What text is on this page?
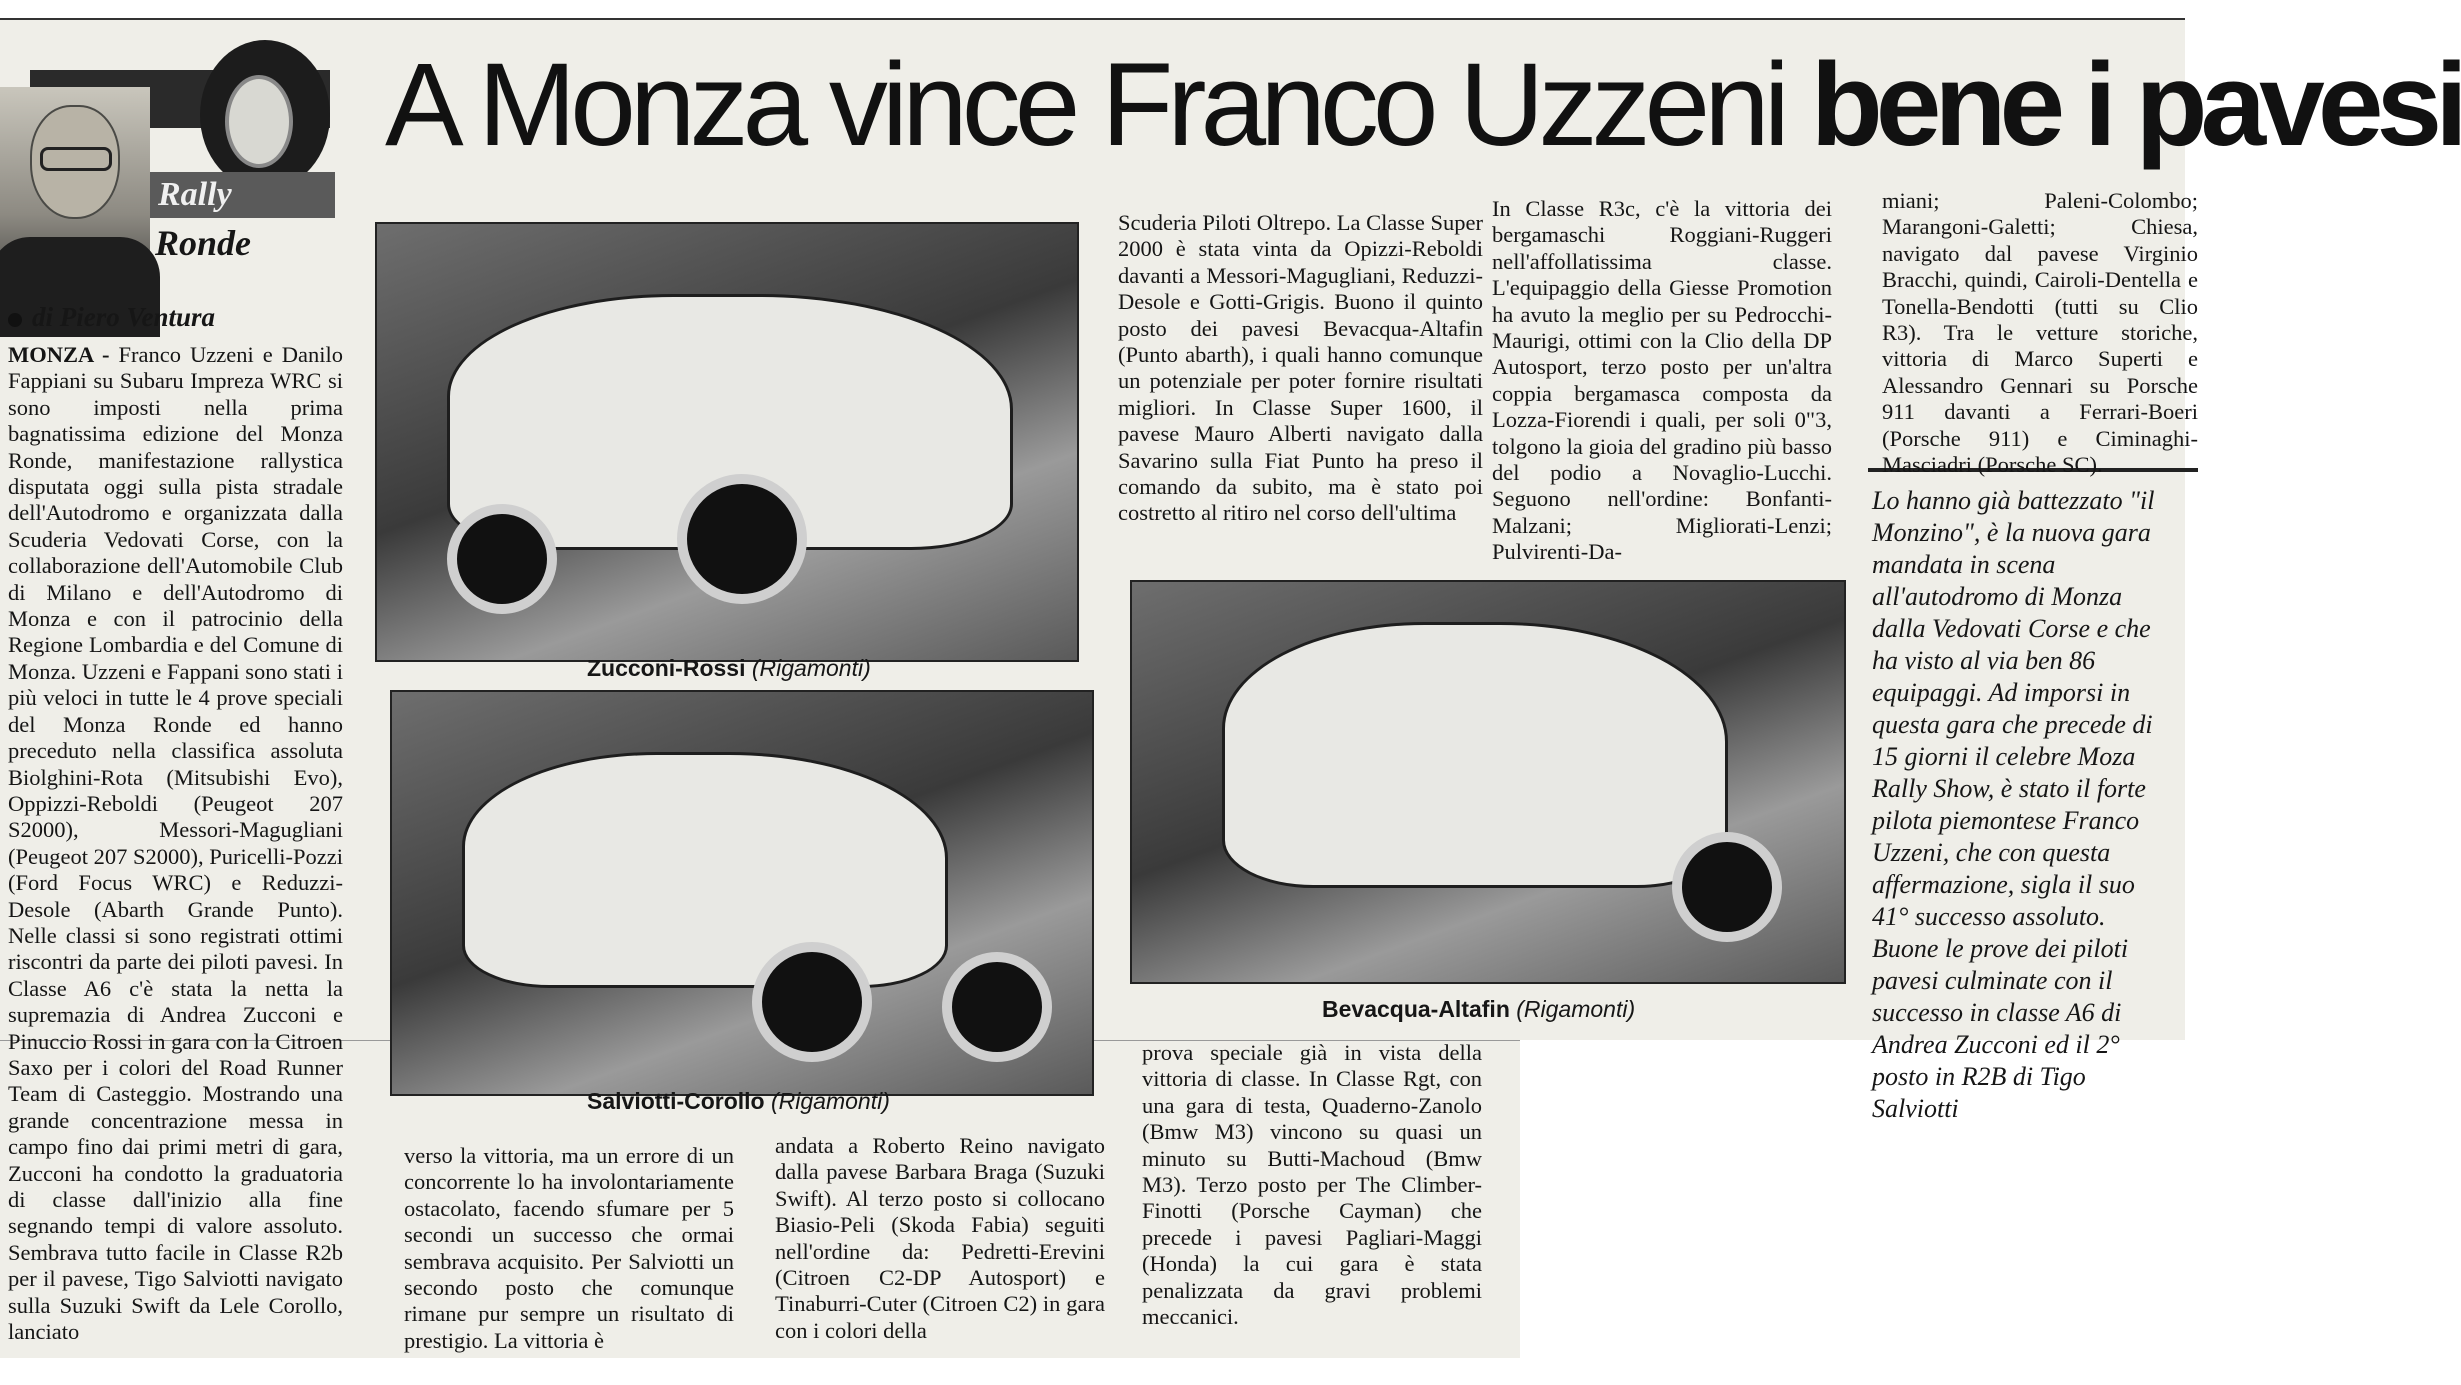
Rally
Ronde
A Monza vince Franco Uzzeni bene i pavesi
di Piero Ventura
MONZA - Franco Uzzeni e Danilo Fappiani su Subaru Impreza WRC si sono imposti nella prima bagnatissima edizione del Monza Ronde, manifestazione rallystica disputata oggi sulla pista stradale dell'Autodromo e organizzata dalla Scuderia Vedovati Corse, con la collaborazione dell'Automobile Club di Milano e dell'Autodromo di Monza e con il patrocinio della Regione Lombardia e del Comune di Monza. Uzzeni e Fappani sono stati i più veloci in tutte le 4 prove speciali del Monza Ronde ed hanno preceduto nella classifica assoluta Biolghini-Rota (Mitsubishi Evo), Oppizzi-Reboldi (Peugeot 207 S2000), Messori-Magugliani (Peugeot 207 S2000), Puricelli-Pozzi (Ford Focus WRC) e Reduzzi-Desole (Abarth Grande Punto). Nelle classi si sono registrati ottimi riscontri da parte dei piloti pavesi. In Classe A6 c'è stata la netta la supremazia di Andrea Zucconi e Pinuccio Rossi in gara con la Citroen Saxo per i colori del Road Runner Team di Casteggio. Mostrando una grande concentrazione messa in campo fino dai primi metri di gara, Zucconi ha condotto la graduatoria di classe dall'inizio alla fine segnando tempi di valore assoluto. Sembrava tutto facile in Classe R2b per il pavese, Tigo Salviotti navigato sulla Suzuki Swift da Lele Corollo, lanciato
verso la vittoria, ma un errore di un concorrente lo ha involontariamente ostacolato, facendo sfumare per 5 secondi un successo che ormai sembrava acquisito. Per Salviotti un secondo posto che comunque rimane pur sempre un risultato di prestigio. La vittoria è
andata a Roberto Reino navigato dalla pavese Barbara Braga (Suzuki Swift). Al terzo posto si collocano Biasio-Peli (Skoda Fabia) seguiti nell'ordine da: Pedretti-Erevini (Citroen C2-DP Autosport) e Tinaburri-Cuter (Citroen C2) in gara con i colori della
Scuderia Piloti Oltrepo. La Classe Super 2000 è stata vinta da Opizzi-Reboldi davanti a Messori-Magugliani, Reduzzi-Desole e Gotti-Grigis. Buono il quinto posto dei pavesi Bevacqua-Altafin (Punto abarth), i quali hanno comunque un potenziale per poter fornire risultati migliori. In Classe Super 1600, il pavese Mauro Alberti navigato dalla Savarino sulla Fiat Punto ha preso il comando da subito, ma è stato poi costretto al ritiro nel corso dell'ultima
In Classe R3c, c'è la vittoria dei bergamaschi Roggiani-Ruggeri nell'affollatissima classe. L'equipaggio della Giesse Promotion ha avuto la meglio per su Pedrocchi-Maurigi, ottimi con la Clio della DP Autosport, terzo posto per un'altra coppia bergamasca composta da Lozza-Fiorendi i quali, per soli 0"3, tolgono la gioia del gradino più basso del podio a Novaglio-Lucchi. Seguono nell'ordine: Bonfanti-Malzani; Migliorati-Lenzi; Pulvirenti-Da-
prova speciale già in vista della vittoria di classe. In Classe Rgt, con una gara di testa, Quaderno-Zanolo (Bmw M3) vincono su quasi un minuto su Butti-Machoud (Bmw M3). Terzo posto per The Climber-Finotti (Porsche Cayman) che precede i pavesi Pagliari-Maggi (Honda) la cui gara è stata penalizzata da gravi problemi meccanici.
miani; Paleni-Colombo; Marangoni-Galetti; Chiesa, navigato dal pavese Virginio Bracchi, quindi, Cairoli-Dentella e Tonella-Bendotti (tutti su Clio R3). Tra le vetture storiche, vittoria di Marco Superti e Alessandro Gennari su Porsche 911 davanti a Ferrari-Boeri (Porsche 911) e Ciminaghi-Masciadri (Porsche SC).
Lo hanno già battezzato "il Monzino", è la nuova gara mandata in scena all'autodromo di Monza dalla Vedovati Corse e che ha visto al via ben 86 equipaggi. Ad imporsi in questa gara che precede di 15 giorni il celebre Moza Rally Show, è stato il forte pilota piemontese Franco Uzzeni, che con questa affermazione, sigla il suo 41° successo assoluto. Buone le prove dei piloti pavesi culminate con il successo in classe A6 di Andrea Zucconi ed il 2° posto in R2B di Tigo Salviotti
Zucconi-Rossi (Rigamonti)
Salviotti-Corollo (Rigamonti)
Bevacqua-Altafin (Rigamonti)
